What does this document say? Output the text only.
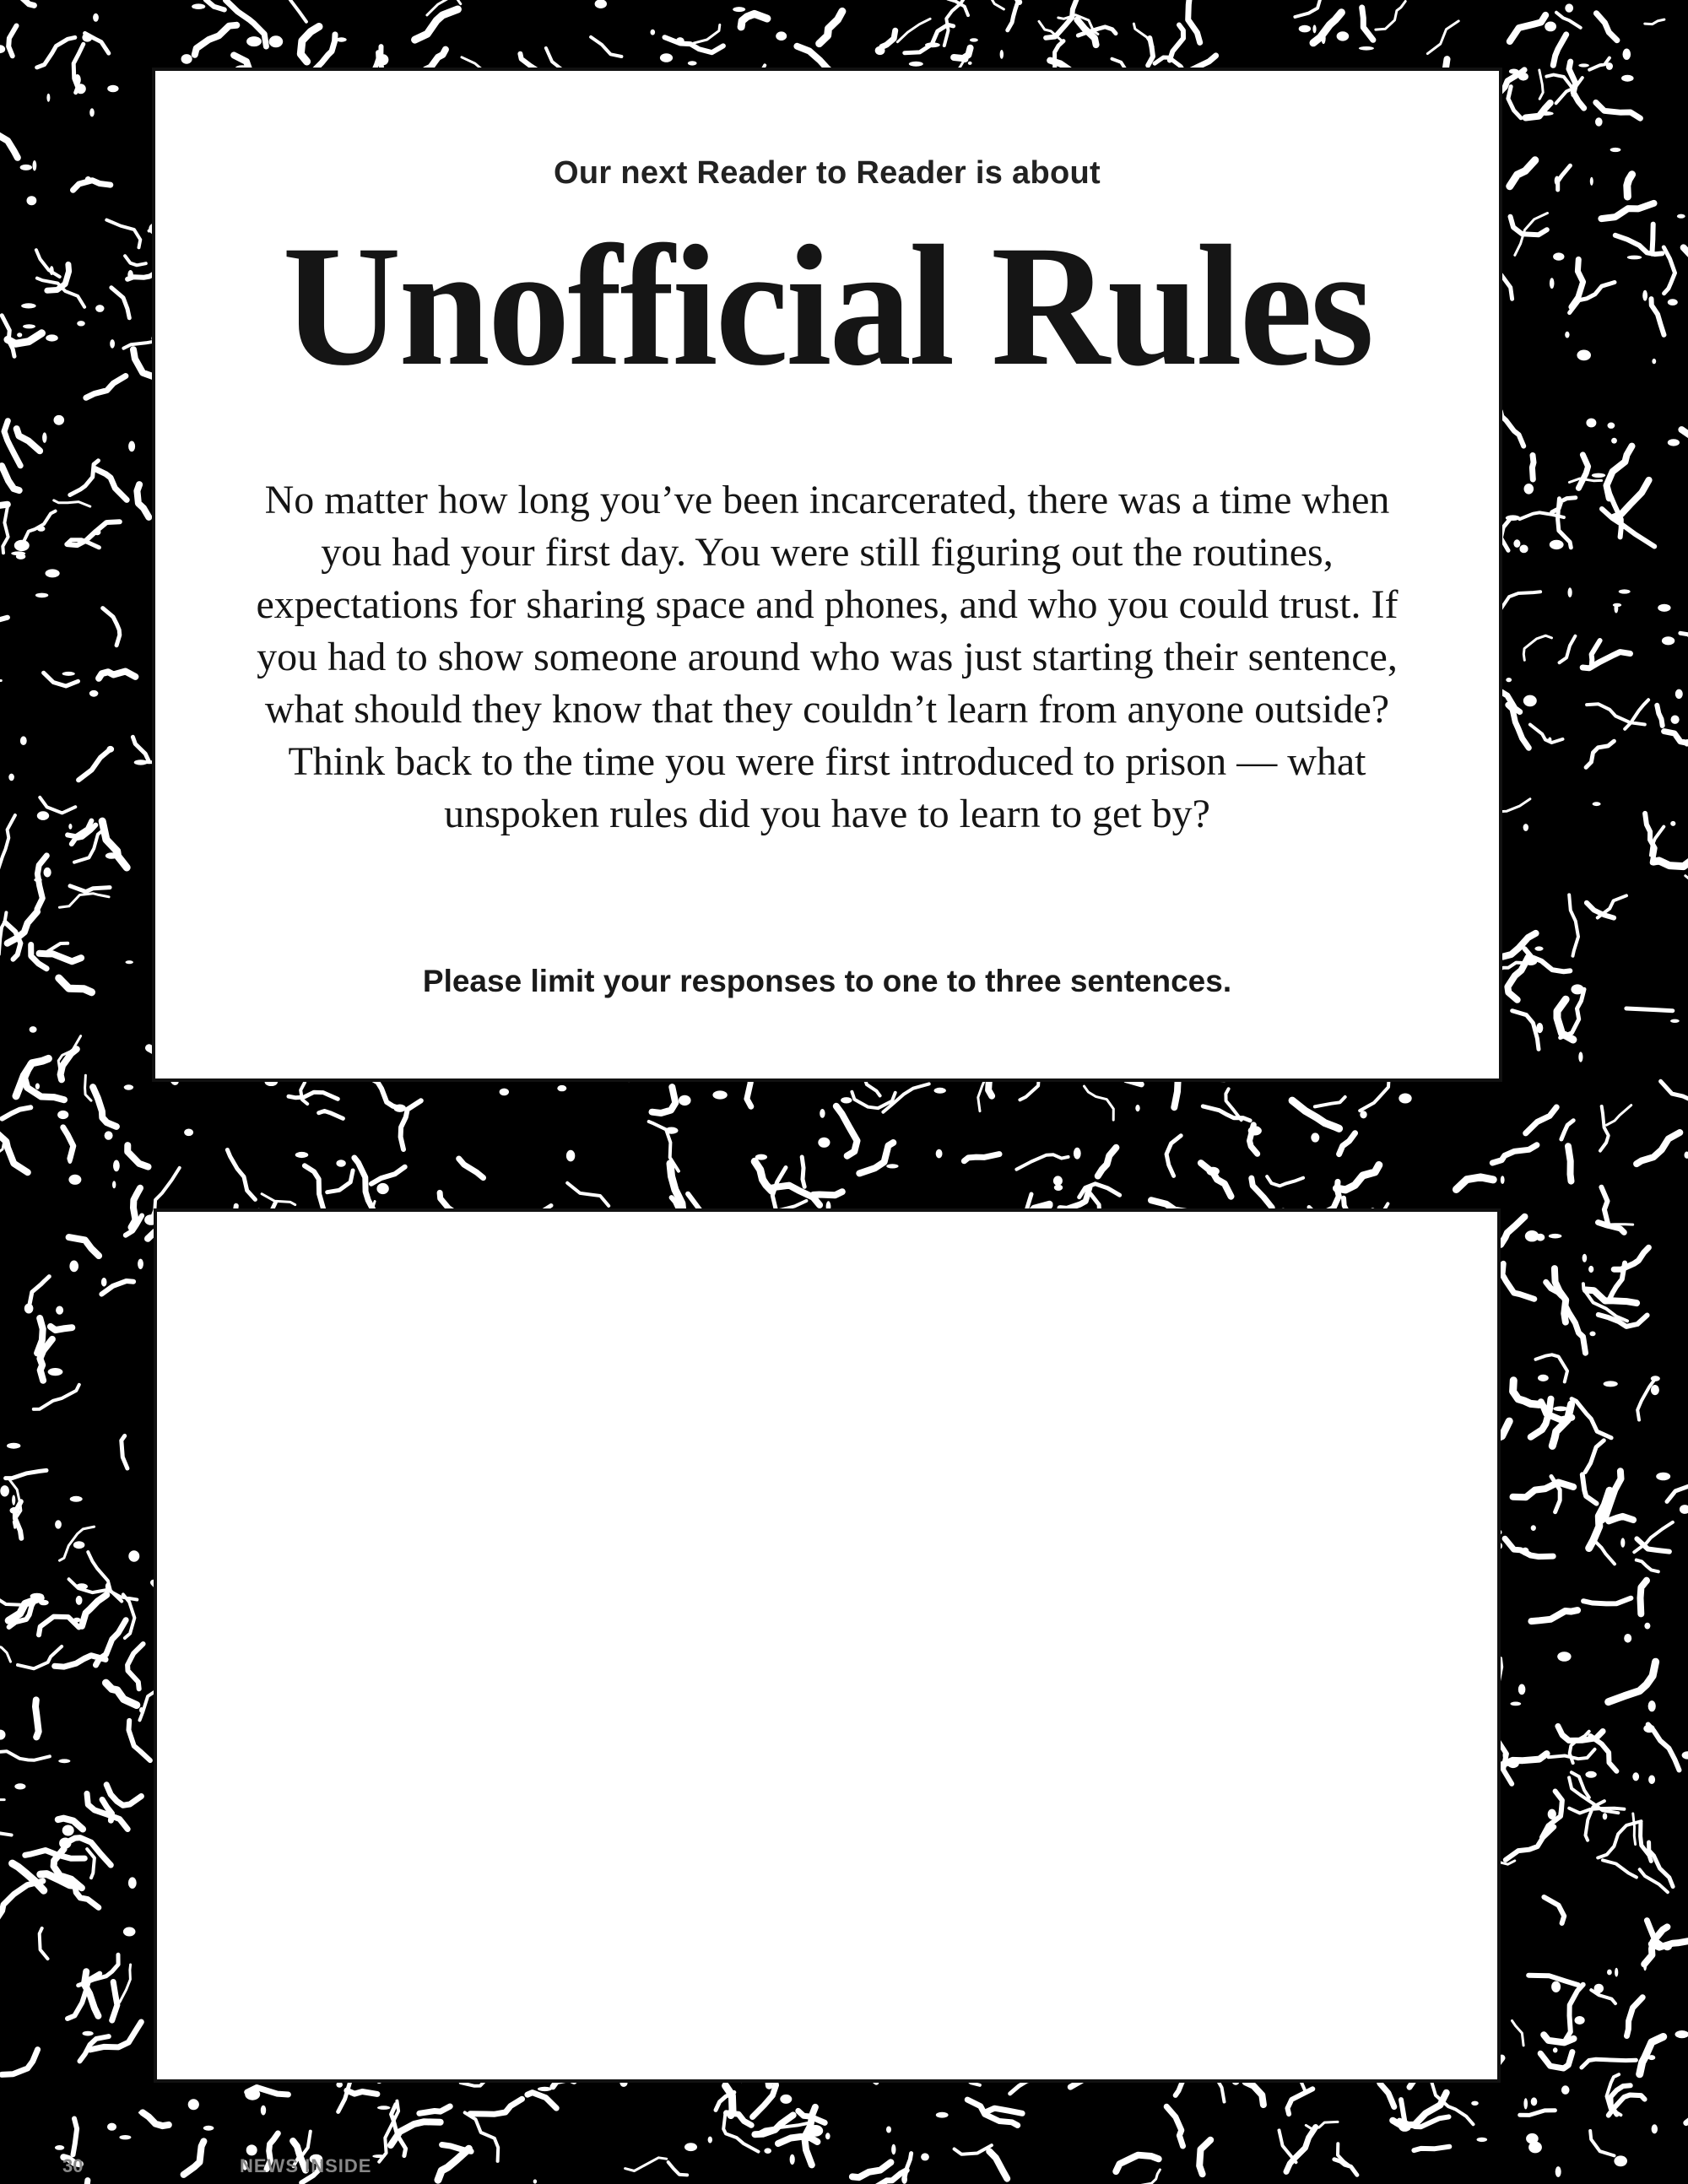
Our next Reader to Reader is about
Unofficial Rules
No matter how long you’ve been incarcerated, there was a time when you had your first day. You were still figuring out the routines, expectations for sharing space and phones, and who you could trust. If you had to show someone around who was just starting their sentence, what should they know that they couldn’t learn from anyone outside? Think back to the time you were first introduced to prison — what unspoken rules did you have to learn to get by?
Please limit your responses to one to three sentences.
30	NEWS INSIDE
